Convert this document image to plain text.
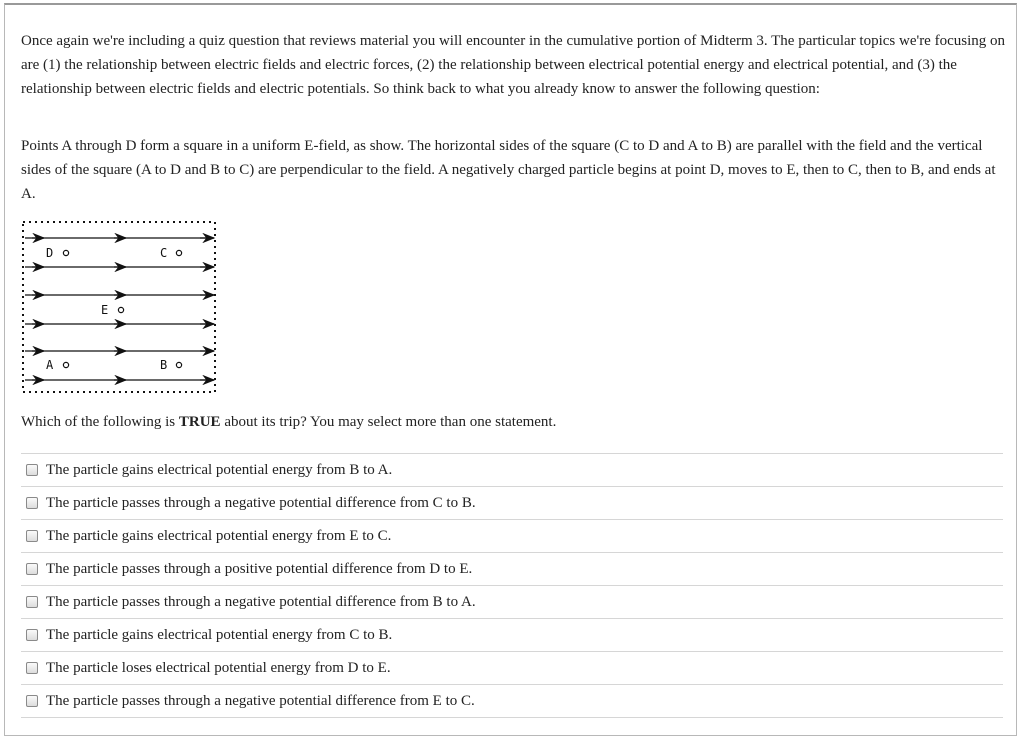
Once again we're including a quiz question that reviews material you will encounter in the cumulative portion of Midterm 3. The particular topics we're focusing on are (1) the relationship between electric fields and electric forces, (2) the relationship between electrical potential energy and electrical potential, and (3) the relationship between electric fields and electric potentials. So think back to what you already know to answer the following question:

Points A through D form a square in a uniform E-field, as show. The horizontal sides of the square (C to D and A to B) are parallel with the field and the vertical sides of the square (A to D and B to C) are perpendicular to the field. A negatively charged particle begins at point D, moves to E, then to C, then to B, and ends at A.

D	C
E
A	B

Which of the following is TRUE about its trip? You may select more than one statement.

The particle gains electrical potential energy from B to A.
The particle passes through a negative potential difference from C to B.
The particle gains electrical potential energy from E to C.
The particle passes through a positive potential difference from D to E.
The particle passes through a negative potential difference from B to A.
The particle gains electrical potential energy from C to B.
The particle loses electrical potential energy from D to E.
The particle passes through a negative potential difference from E to C.
